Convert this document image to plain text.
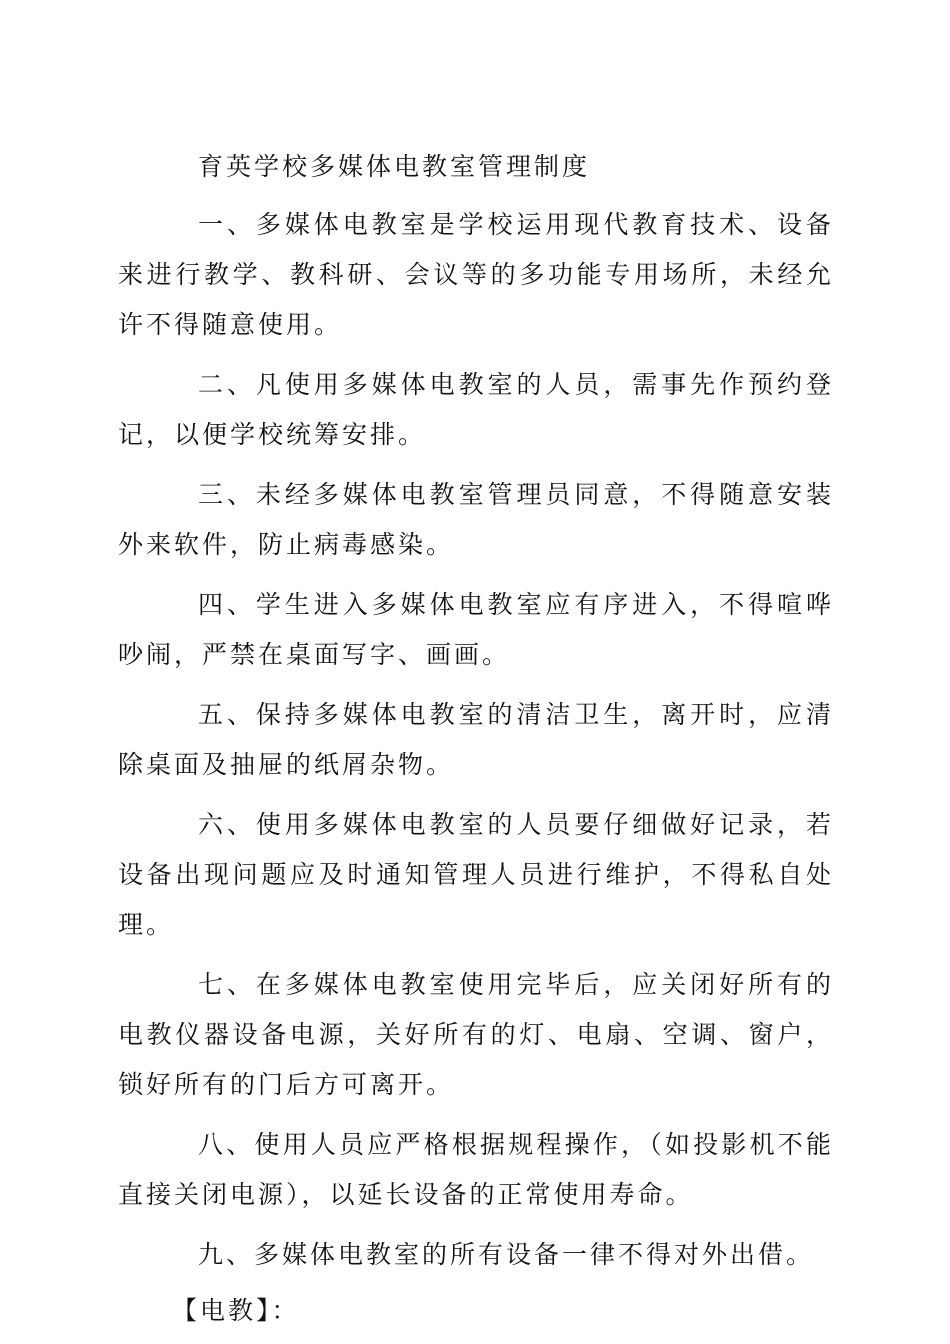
育英学校多媒体电教室管理制度

一、多媒体电教室是学校运用现代教育技术、设备来进行教学、教科研、会议等的多功能专用场所，未经允许不得随意使用。

二、凡使用多媒体电教室的人员，需事先作预约登记，以便学校统筹安排。

三、未经多媒体电教室管理员同意，不得随意安装外来软件，防止病毒感染。

四、学生进入多媒体电教室应有序进入，不得喧哗吵闹，严禁在桌面写字、画画。

五、保持多媒体电教室的清洁卫生，离开时，应清除桌面及抽屉的纸屑杂物。

六、使用多媒体电教室的人员要仔细做好记录，若设备出现问题应及时通知管理人员进行维护，不得私自处理。

七、在多媒体电教室使用完毕后，应关闭好所有的电教仪器设备电源，关好所有的灯、电扇、空调、窗户，锁好所有的门后方可离开。

八、使用人员应严格根据规程操作，（如投影机不能直接关闭电源），以延长设备的正常使用寿命。

九、多媒体电教室的所有设备一律不得对外出借。

【电教】：
